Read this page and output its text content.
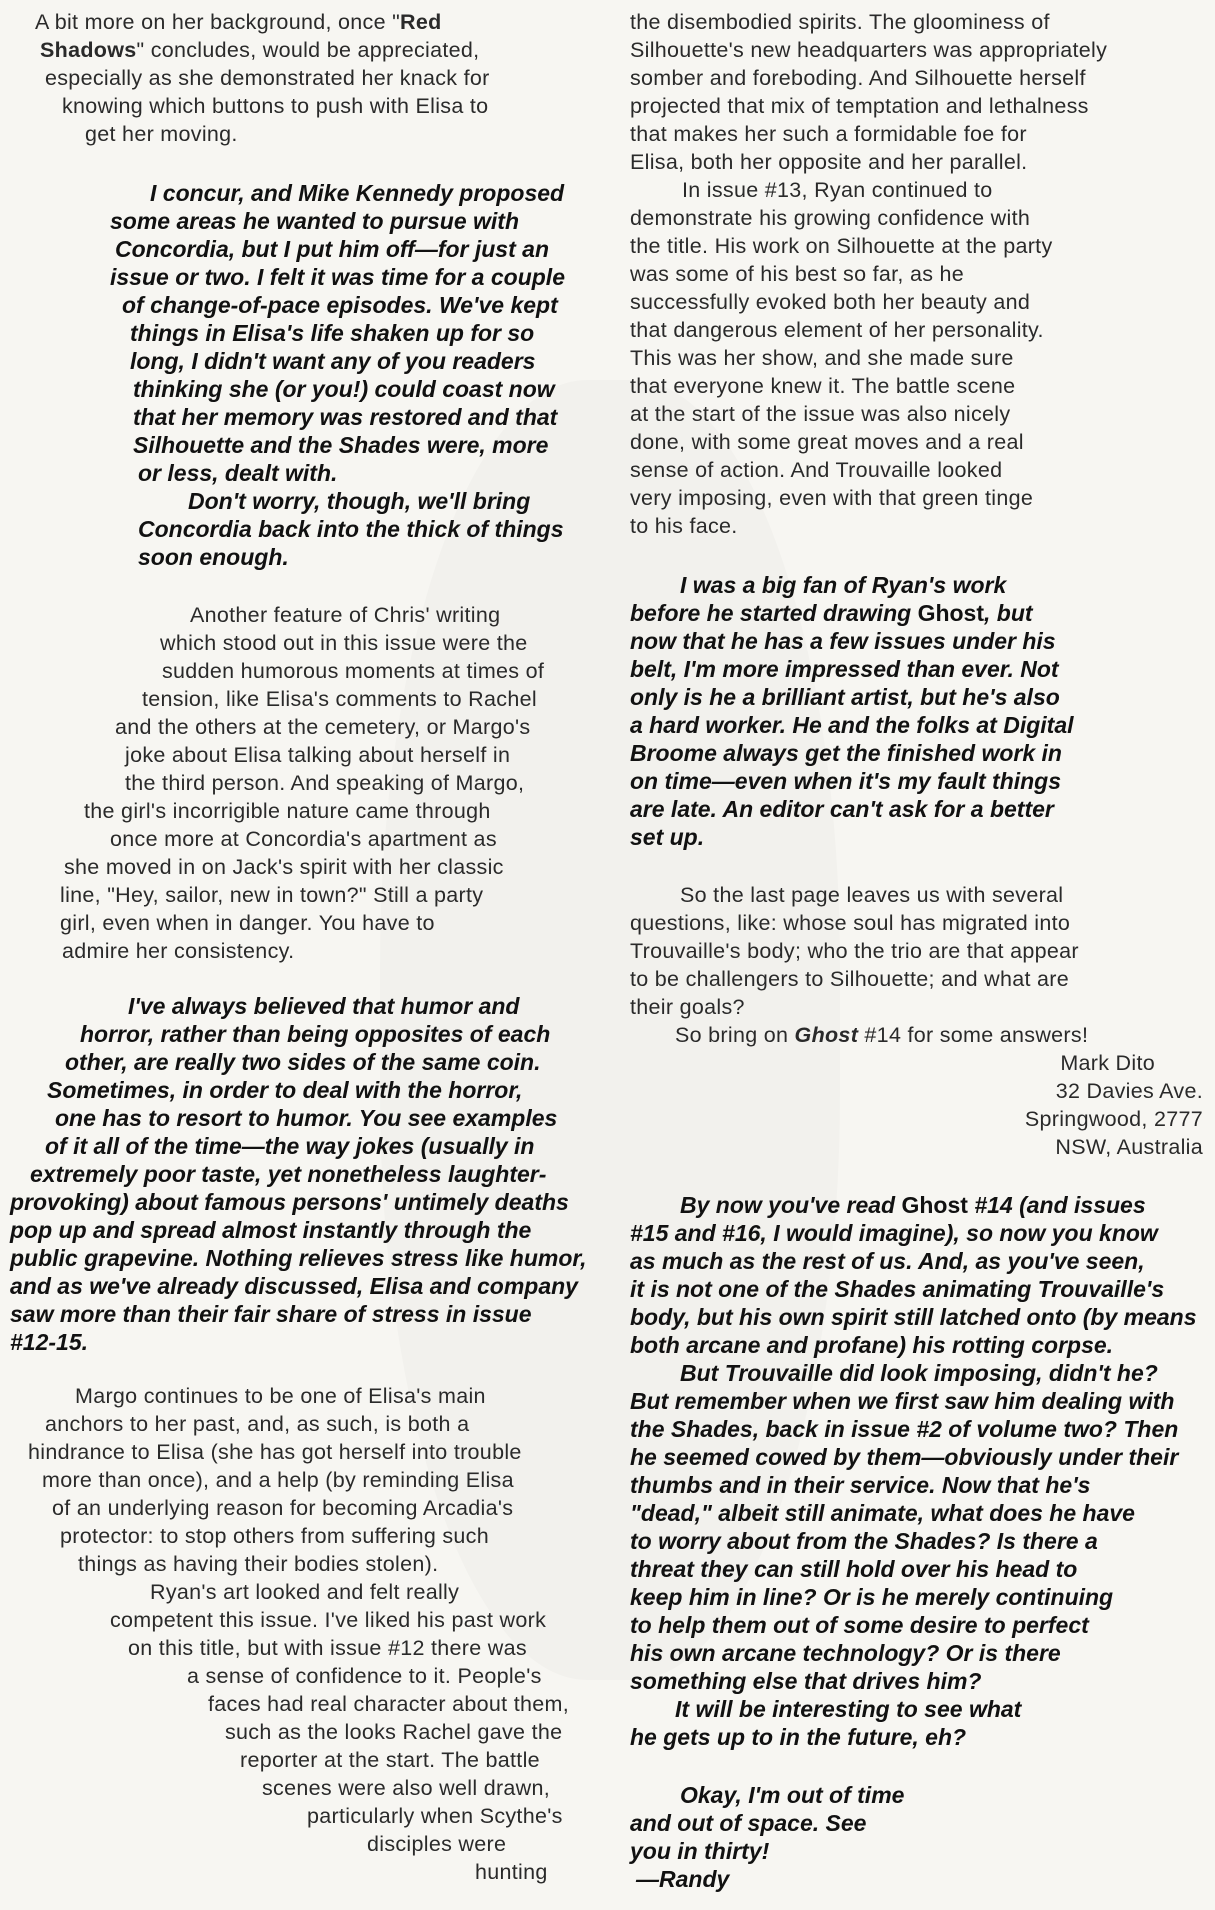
A bit more on her background, once "Red
Shadows" concludes, would be appreciated,
especially as she demonstrated her knack for
knowing which buttons to push with Elisa to
get her moving.
I concur, and Mike Kennedy proposed
some areas he wanted to pursue with
Concordia, but I put him off—for just an
issue or two. I felt it was time for a couple
of change-of-pace episodes. We've kept
things in Elisa's life shaken up for so
long, I didn't want any of you readers
thinking she (or you!) could coast now
that her memory was restored and that
Silhouette and the Shades were, more
or less, dealt with.
Don't worry, though, we'll bring
Concordia back into the thick of things
soon enough.
Another feature of Chris' writing
which stood out in this issue were the
sudden humorous moments at times of
tension, like Elisa's comments to Rachel
and the others at the cemetery, or Margo's
joke about Elisa talking about herself in
the third person. And speaking of Margo,
the girl's incorrigible nature came through
once more at Concordia's apartment as
she moved in on Jack's spirit with her classic
line, "Hey, sailor, new in town?" Still a party
girl, even when in danger. You have to
admire her consistency.
I've always believed that humor and
horror, rather than being opposites of each
other, are really two sides of the same coin.
Sometimes, in order to deal with the horror,
one has to resort to humor. You see examples
of it all of the time—the way jokes (usually in
extremely poor taste, yet nonetheless laughter-
provoking) about famous persons' untimely deaths
pop up and spread almost instantly through the
public grapevine. Nothing relieves stress like humor,
and as we've already discussed, Elisa and company
saw more than their fair share of stress in issue
#12-15.
Margo continues to be one of Elisa's main
anchors to her past, and, as such, is both a
hindrance to Elisa (she has got herself into trouble
more than once), and a help (by reminding Elisa
of an underlying reason for becoming Arcadia's
protector: to stop others from suffering such
things as having their bodies stolen).
Ryan's art looked and felt really
competent this issue. I've liked his past work
on this title, but with issue #12 there was
a sense of confidence to it. People's
faces had real character about them,
such as the looks Rachel gave the
reporter at the start. The battle
scenes were also well drawn,
particularly when Scythe's
disciples were
hunting
the disembodied spirits. The gloominess of
Silhouette's new headquarters was appropriately
somber and foreboding. And Silhouette herself
projected that mix of temptation and lethalness
that makes her such a formidable foe for
Elisa, both her opposite and her parallel.
In issue #13, Ryan continued to
demonstrate his growing confidence with
the title. His work on Silhouette at the party
was some of his best so far, as he
successfully evoked both her beauty and
that dangerous element of her personality.
This was her show, and she made sure
that everyone knew it. The battle scene
at the start of the issue was also nicely
done, with some great moves and a real
sense of action. And Trouvaille looked
very imposing, even with that green tinge
to his face.
I was a big fan of Ryan's work
before he started drawing Ghost, but
now that he has a few issues under his
belt, I'm more impressed than ever. Not
only is he a brilliant artist, but he's also
a hard worker. He and the folks at Digital
Broome always get the finished work in
on time—even when it's my fault things
are late. An editor can't ask for a better
set up.
So the last page leaves us with several
questions, like: whose soul has migrated into
Trouvaille's body; who the trio are that appear
to be challengers to Silhouette; and what are
their goals?
So bring on Ghost #14 for some answers!
Mark Dito
32 Davies Ave.
Springwood, 2777
NSW, Australia
By now you've read Ghost #14 (and issues
#15 and #16, I would imagine), so now you know
as much as the rest of us. And, as you've seen,
it is not one of the Shades animating Trouvaille's
body, but his own spirit still latched onto (by means
both arcane and profane) his rotting corpse.
But Trouvaille did look imposing, didn't he?
But remember when we first saw him dealing with
the Shades, back in issue #2 of volume two? Then
he seemed cowed by them—obviously under their
thumbs and in their service. Now that he's
"dead," albeit still animate, what does he have
to worry about from the Shades? Is there a
threat they can still hold over his head to
keep him in line? Or is he merely continuing
to help them out of some desire to perfect
his own arcane technology? Or is there
something else that drives him?
It will be interesting to see what
he gets up to in the future, eh?
Okay, I'm out of time
and out of space. See
you in thirty!
—Randy
